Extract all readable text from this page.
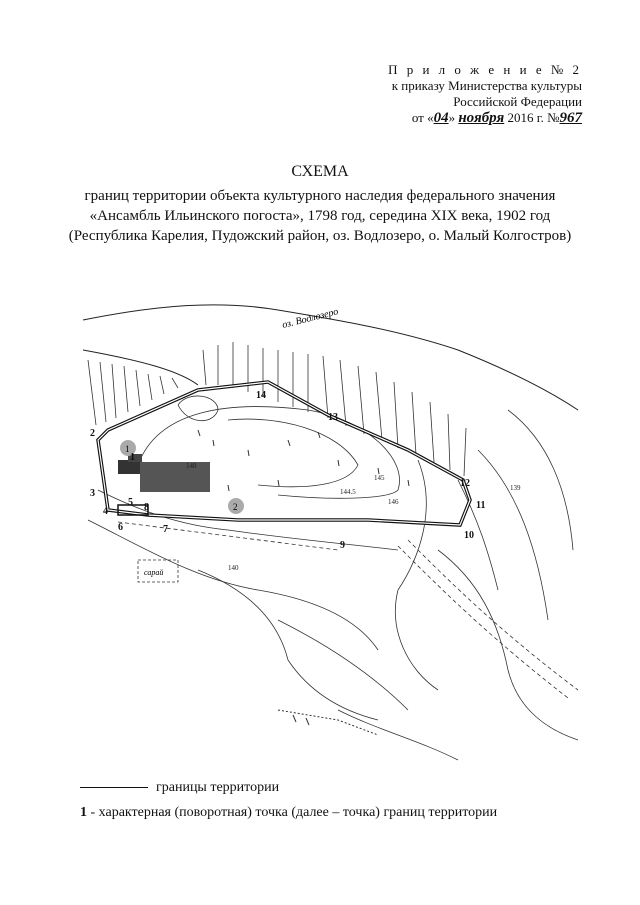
П р и л о ж е н и е № 2
к приказу Министерства культуры
Российской Федерации
от «04» ноября 2016 г. №967
СХЕМА
границ территории объекта культурного наследия федерального значения
«Ансамбль Ильинского погоста», 1798 год, середина XIX века, 1902 год
(Республика Карелия, Пудожский район, оз. Водлозеро, о. Малый Колгостров)
оз. Водлозеро
сарай
1
2
1
2
3
4
5
6	7
8
9
10
11
12
13
14
139
145
146
144.5
140
148
границы территории
1 - характерная (поворотная) точка (далее – точка) границ территории
